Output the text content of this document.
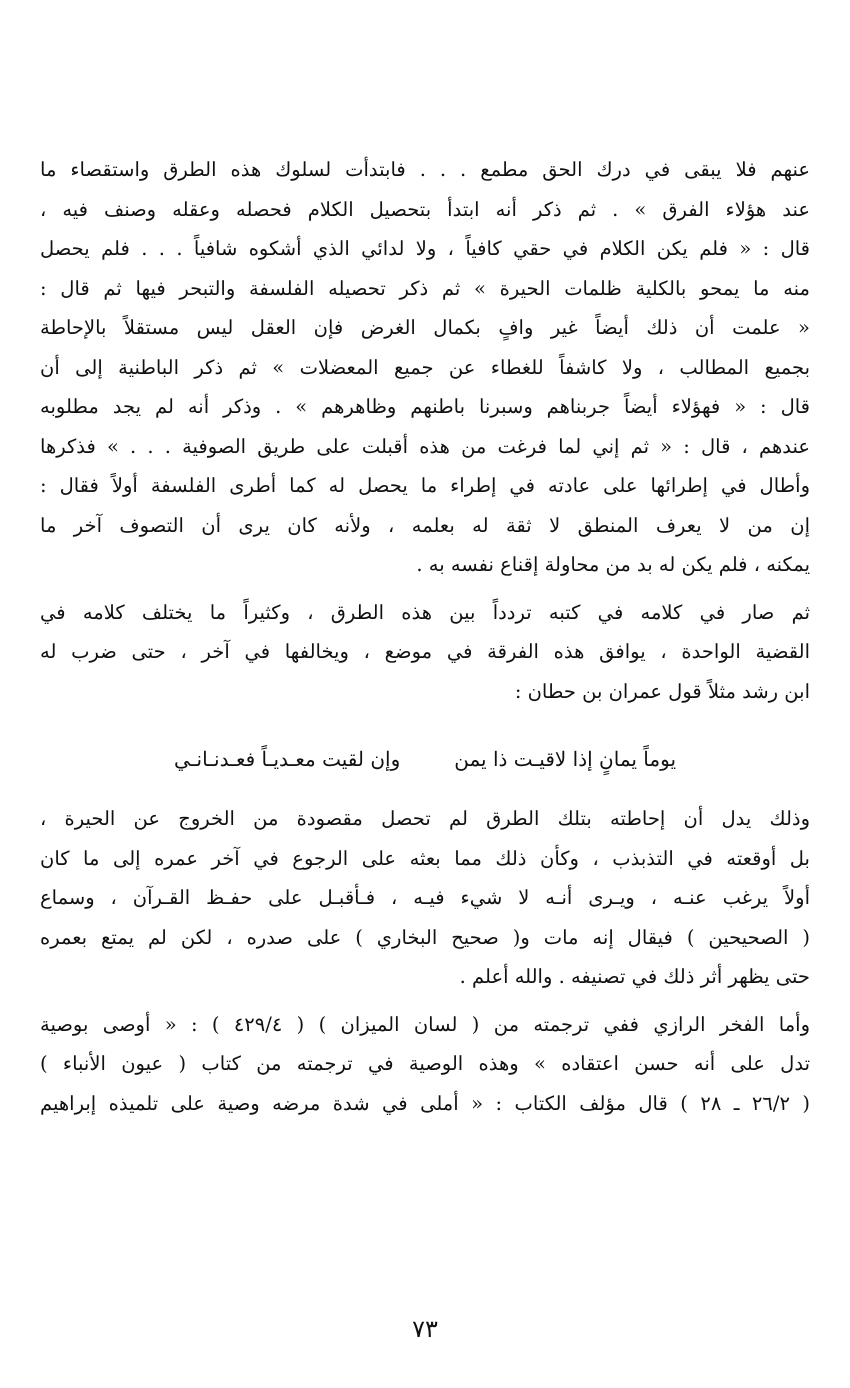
عنهم فلا يبقى في درك الحق مطمع . . . فابتدأت لسلوك هذه الطرق واستقصاء ما
عند هؤلاء الفرق » . ثم ذكر أنه ابتدأ بتحصيل الكلام فحصله وعقله وصنف فيه ،
قال : « فلم يكن الكلام في حقي كافياً ، ولا لدائي الذي أشكوه شافياً . . . فلم يحصل
منه ما يمحو بالكلية ظلمات الحيرة » ثم ذكر تحصيله الفلسفة والتبحر فيها ثم قال :
« علمت أن ذلك أيضاً غير وافٍ بكمال الغرض فإن العقل ليس مستقلاً بالإحاطة
بجميع المطالب ، ولا كاشفاً للغطاء عن جميع المعضلات » ثم ذكر الباطنية إلى أن
قال : « فهؤلاء أيضاً جربناهم وسبرنا باطنهم وظاهرهم » . وذكر أنه لم يجد مطلوبه
عندهم ، قال : « ثم إني لما فرغت من هذه أقبلت على طريق الصوفية . . . » فذكرها
وأطال في إطرائها على عادته في إطراء ما يحصل له كما أطرى الفلسفة أولاً فقال :
إن من لا يعرف المنطق لا ثقة له بعلمه ، ولأنه كان يرى أن التصوف آخر ما
يمكنه ، فلم يكن له بد من محاولة إقناع نفسه به .

ثم صار في كلامه في كتبه تردداً بين هذه الطرق ، وكثيراً ما يختلف كلامه في
القضية الواحدة ، يوافق هذه الفرقة في موضع ، ويخالفها في آخر ، حتى ضرب له
ابن رشد مثلاً قول عمران بن حطان :

يوماً يمانٍ إذا لاقيـت ذا يمن
وإن لقيت معـديـاً فعـدنـانـي

وذلك يدل أن إحاطته بتلك الطرق لم تحصل مقصودة من الخروج عن الحيرة ،
بل أوقعته في التذبذب ، وكأن ذلك مما بعثه على الرجوع في آخر عمره إلى ما كان
أولاً يرغب عنـه ، ويـرى أنـه لا شيء فيـه ، فـأقبـل على حفـظ القـرآن ، وسماع
( الصحيحين ) فيقال إنه مات و( صحيح البخاري ) على صدره ، لكن لم يمتع بعمره
حتى يظهر أثر ذلك في تصنيفه . والله أعلم .

وأما الفخر الرازي ففي ترجمته من ( لسان الميزان ) ( ٤٢٩/٤ ) : « أوصى بوصية
تدل على أنه حسن اعتقاده » وهذه الوصية في ترجمته من كتاب ( عيون الأنباء )
( ٢٦/٢ ـ ٢٨ ) قال مؤلف الكتاب : « أملى في شدة مرضه وصية على تلميذه إبراهيم

٧٣
